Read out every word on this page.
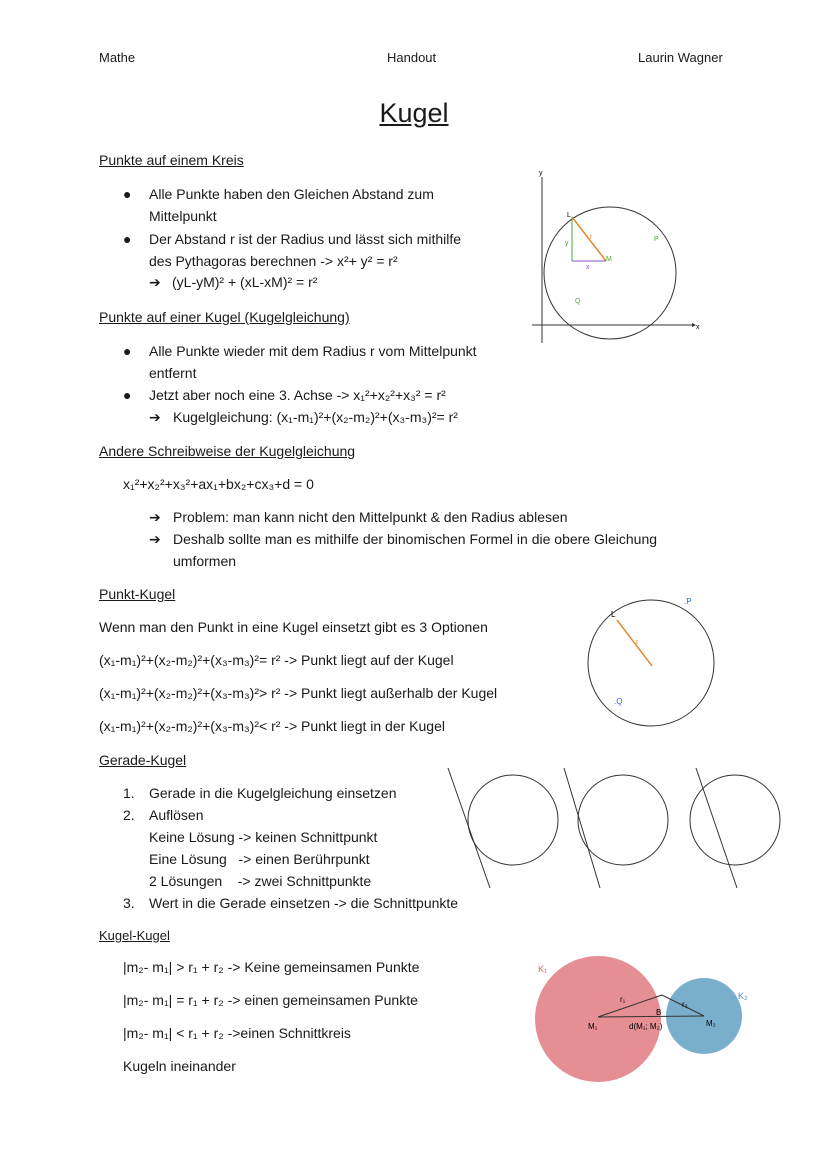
Mathe	Handout	Laurin Wagner
Kugel
Punkte auf einem Kreis
● Alle Punkte haben den Gleichen Abstand zum
Mittelpunkt
● Der Abstand r ist der Radius und lässt sich mithilfe
des Pythagoras berechnen -> x²+ y² = r²
➔ (yL-yM)² + (xL-xM)² = r²
Punkte auf einer Kugel (Kugelgleichung)
● Alle Punkte wieder mit dem Radius r vom Mittelpunkt
entfernt
● Jetzt aber noch eine 3. Achse -> x₁²+x₂²+x₃² = r²
➔ Kugelgleichung: (x₁-m₁)²+(x₂-m₂)²+(x₃-m₃)²= r²
Andere Schreibweise der Kugelgleichung
x₁²+x₂²+x₃²+ax₁+bx₂+cx₃+d = 0
➔ Problem: man kann nicht den Mittelpunkt & den Radius ablesen
➔ Deshalb sollte man es mithilfe der binomischen Formel in die obere Gleichung
umformen
Punkt-Kugel
Wenn man den Punkt in eine Kugel einsetzt gibt es 3 Optionen
(x₁-m₁)²+(x₂-m₂)²+(x₃-m₃)²= r² -> Punkt liegt auf der Kugel
(x₁-m₁)²+(x₂-m₂)²+(x₃-m₃)²> r² -> Punkt liegt außerhalb der Kugel
(x₁-m₁)²+(x₂-m₂)²+(x₃-m₃)²< r² -> Punkt liegt in der Kugel
Gerade-Kugel
1. Gerade in die Kugelgleichung einsetzen
2. Auflösen
Keine Lösung -> keinen Schnittpunkt
Eine Lösung   -> einen Berührpunkt
2 Lösungen    -> zwei Schnittpunkte
3. Wert in die Gerade einsetzen -> die Schnittpunkte
Kugel-Kugel
|m₂- m₁| > r₁ + r₂ -> Keine gemeinsamen Punkte
|m₂- m₁| = r₁ + r₂ -> einen gemeinsamen Punkte
|m₂- m₁| < r₁ + r₂ ->einen Schnittkreis
Kugeln ineinander
y
x
L
r
M
P
Q
y
x
.P
L
r
.Q
K₁
K₂
r₁
r₂
B
M₁	d(M₁; M₂)	M₂
